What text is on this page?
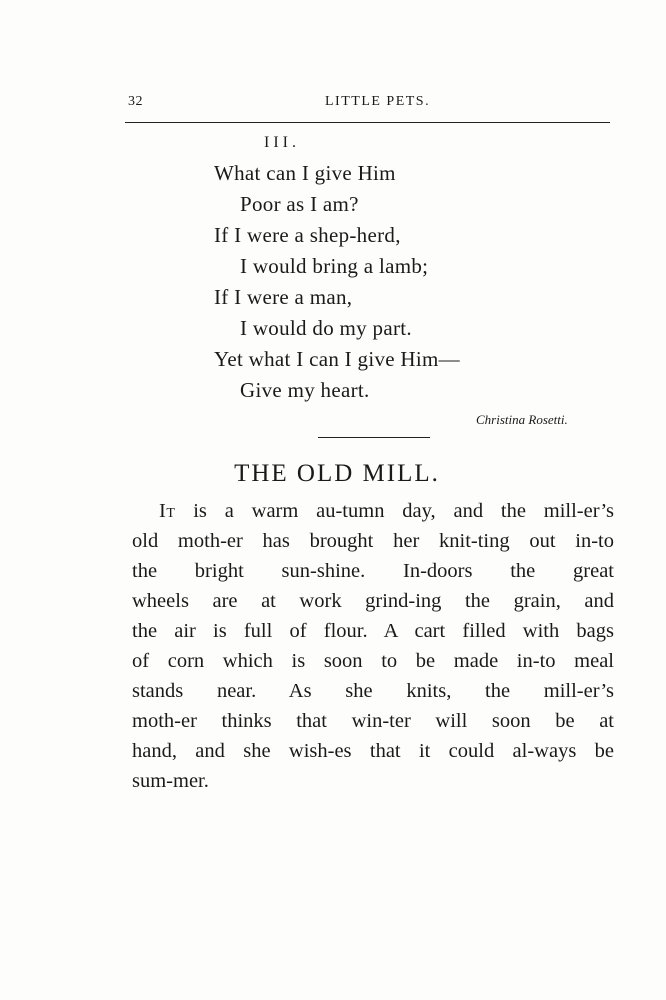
32	LITTLE PETS.
III.
What can I give Him
Poor as I am?
If I were a shep-herd,
I would bring a lamb;
If I were a man,
I would do my part.
Yet what I can I give Him—
Give my heart.
Christina Rosetti.
THE OLD MILL.
It is a warm au-tumn day, and the mill-er’s
old moth-er has brought her knit-ting out in-to
the bright sun-shine. In-doors the great
wheels are at work grind-ing the grain, and
the air is full of flour. A cart filled with bags
of corn which is soon to be made in-to meal
stands near. As she knits, the mill-er’s
moth-er thinks that win-ter will soon be at
hand, and she wish-es that it could al-ways be
sum-mer.
